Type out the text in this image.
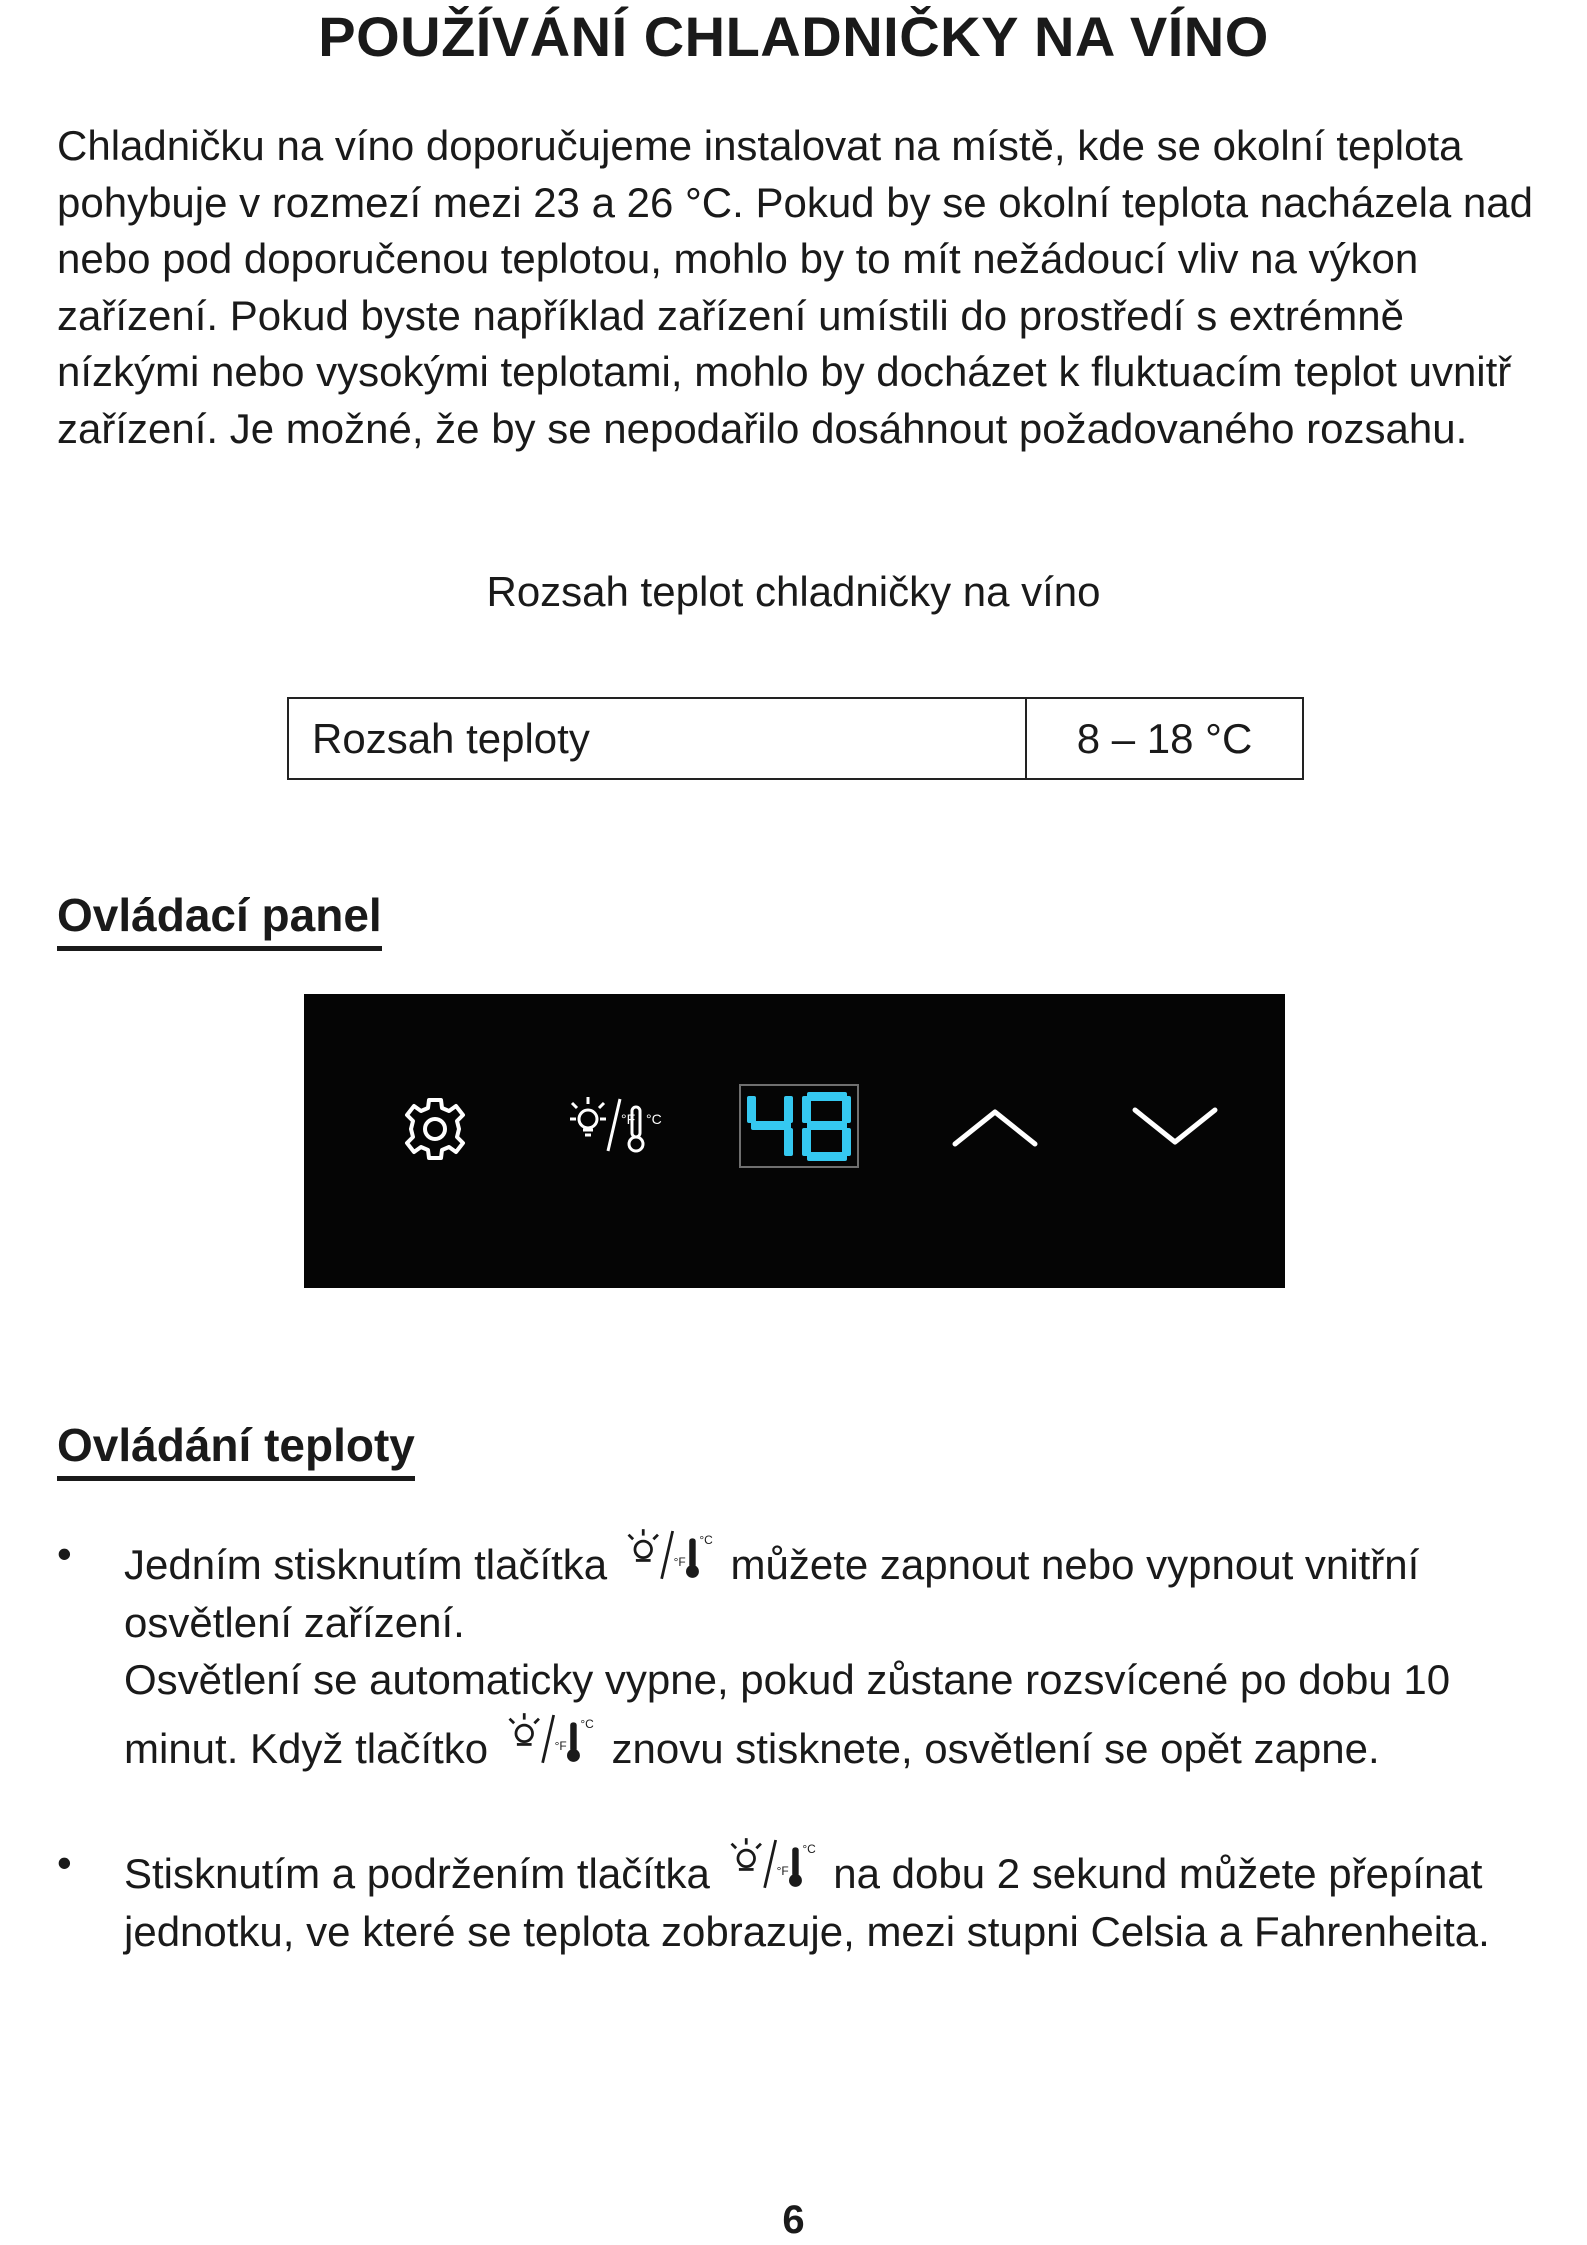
POUŽÍVÁNÍ CHLADNIČKY NA VÍNO

Chladničku na víno doporučujeme instalovat na místě, kde se okolní teplota pohybuje v rozmezí mezi 23 a 26 °C. Pokud by se okolní teplota nacházela nad nebo pod doporučenou teplotou, mohlo by to mít nežádoucí vliv na výkon zařízení. Pokud byste například zařízení umístili do prostředí s extrémně nízkými nebo vysokými teplotami, mohlo by docházet k fluktuacím teplot uvnitř zařízení. Je možné, že by se nepodařilo dosáhnout požadovaného rozsahu.

Rozsah teplot chladničky na víno

Rozsah teploty	8 – 18 °C
Ovládací panel
°F °C
Ovládání teploty

• Jedním stisknutím tlačítka	°F
°C
můžete zapnout nebo vypnout vnitřní osvětlení zařízení.

Osvětlení se automaticky vypne, pokud zůstane rozsvícené po dobu 10 minut. Když tlačítko	°F
°C
znovu stisknete, osvětlení se opět zapne.

• Stisknutím a podržením tlačítka	°F
°C
na dobu 2 sekund můžete přepínat jednotku, ve které se teplota zobrazuje, mezi stupni Celsia a Fahrenheita.

6
